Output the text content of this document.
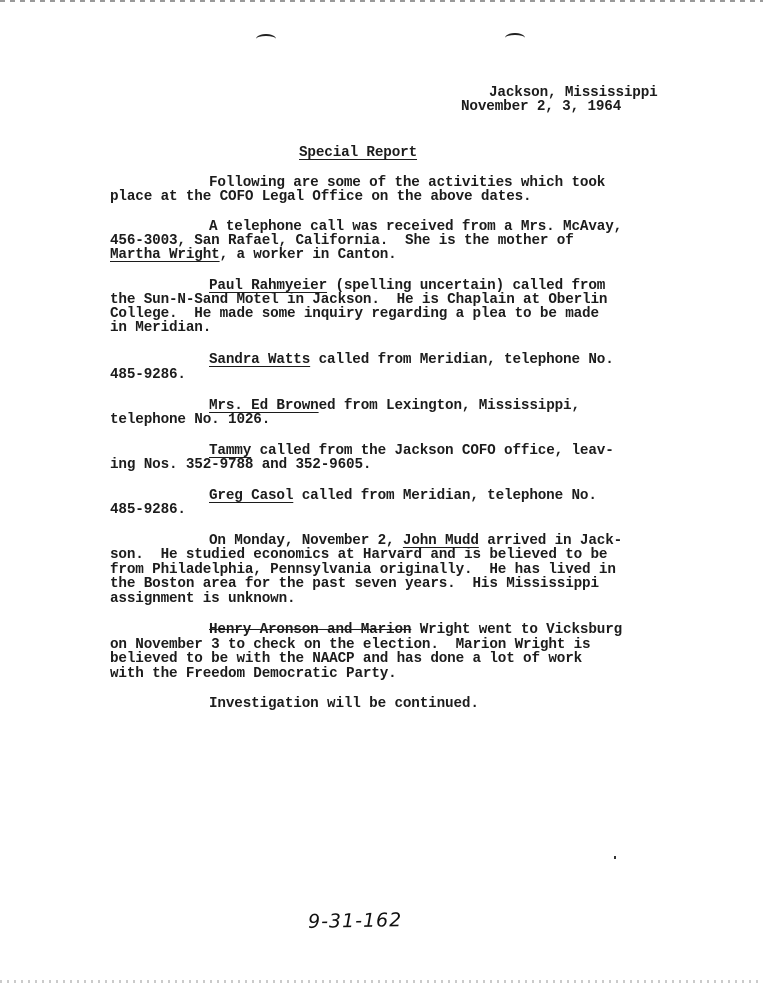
Jackson, Mississippi
November 2, 3, 1964
Special Report
Following are some of the activities which took
place at the COFO Legal Office on the above dates.
A telephone call was received from a Mrs. McAvay,
456-3003, San Rafael, California.  She is the mother of
Martha Wright, a worker in Canton.
Paul Rahmyeier (spelling uncertain) called from
the Sun-N-Sand Motel in Jackson.  He is Chaplain at Oberlin
College.  He made some inquiry regarding a plea to be made
in Meridian.
Sandra Watts called from Meridian, telephone No.
485-9286.
Mrs. Ed Browned from Lexington, Mississippi,
telephone No. 1026.
Tammy called from the Jackson COFO office, leav-
ing Nos. 352-9788 and 352-9605.
Greg Casol called from Meridian, telephone No.
485-9286.
On Monday, November 2, John Mudd arrived in Jack-
son.  He studied economics at Harvard and is believed to be
from Philadelphia, Pennsylvania originally.  He has lived in
the Boston area for the past seven years.  His Mississippi
assignment is unknown.
Henry Aronson and Marion Wright went to Vicksburg
on November 3 to check on the election.  Marion Wright is
believed to be with the NAACP and has done a lot of work
with the Freedom Democratic Party.
Investigation will be continued.
9-31-162
